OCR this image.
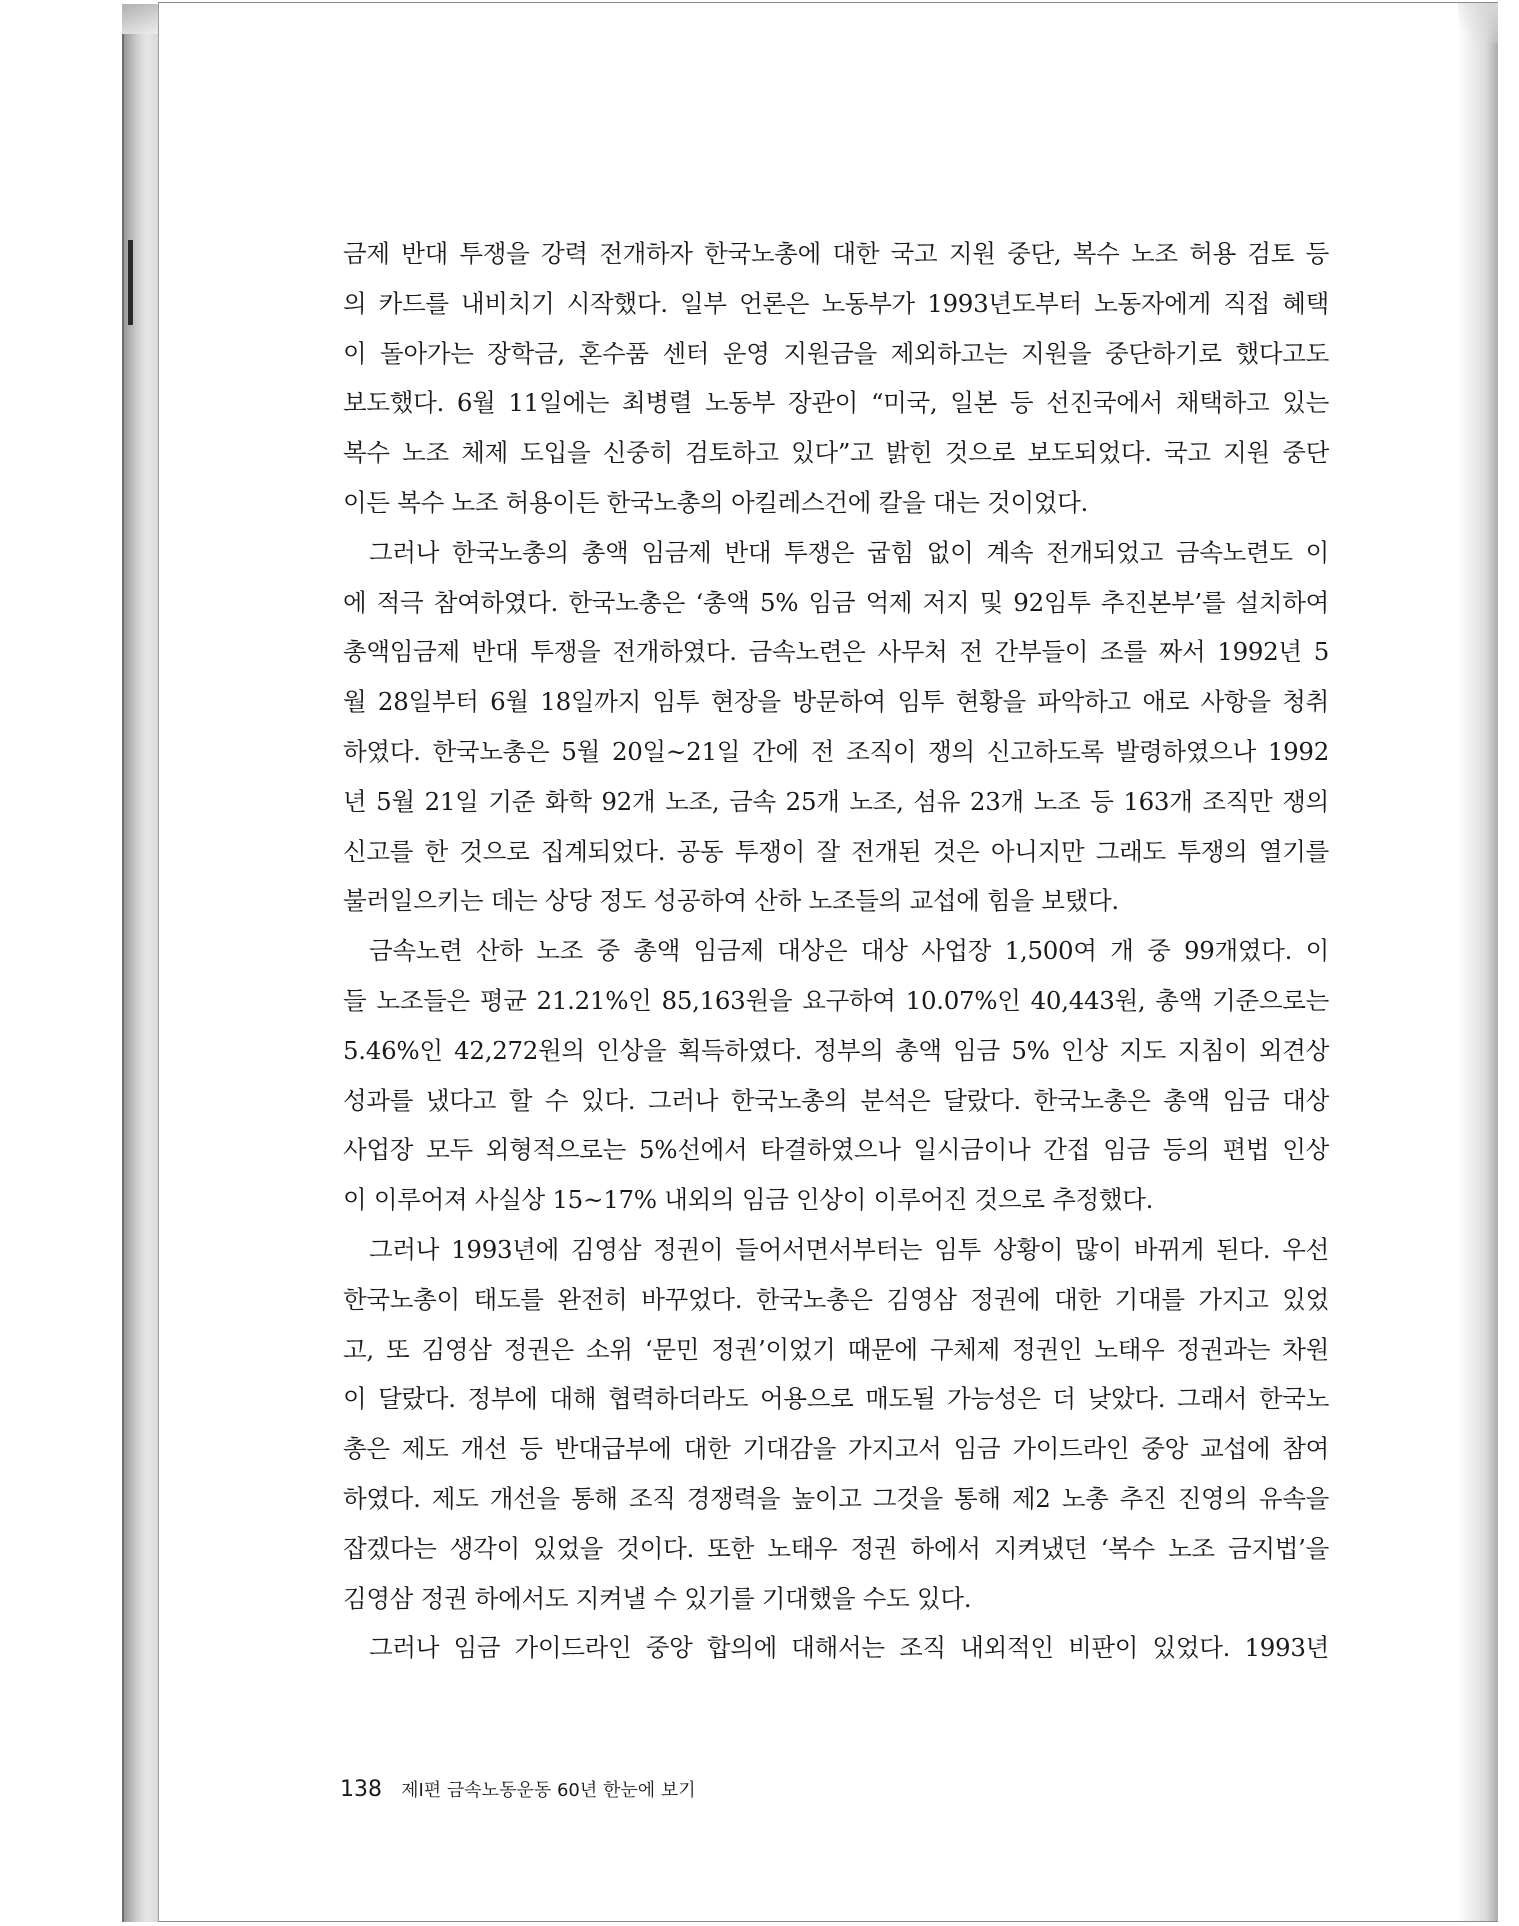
금제 반대 투쟁을 강력 전개하자 한국노총에 대한 국고 지원 중단, 복수 노조 허용 검토 등
의 카드를 내비치기 시작했다. 일부 언론은 노동부가 1993년도부터 노동자에게 직접 혜택
이 돌아가는 장학금, 혼수품 센터 운영 지원금을 제외하고는 지원을 중단하기로 했다고도
보도했다. 6월 11일에는 최병렬 노동부 장관이 “미국, 일본 등 선진국에서 채택하고 있는
복수 노조 체제 도입을 신중히 검토하고 있다”고 밝힌 것으로 보도되었다. 국고 지원 중단
이든 복수 노조 허용이든 한국노총의 아킬레스건에 칼을 대는 것이었다.
그러나 한국노총의 총액 임금제 반대 투쟁은 굽힘 없이 계속 전개되었고 금속노련도 이
에 적극 참여하였다. 한국노총은 ‘총액 5% 임금 억제 저지 및 92임투 추진본부’를 설치하여
총액임금제 반대 투쟁을 전개하였다. 금속노련은 사무처 전 간부들이 조를 짜서 1992년 5
월 28일부터 6월 18일까지 임투 현장을 방문하여 임투 현황을 파악하고 애로 사항을 청취
하였다. 한국노총은 5월 20일~21일 간에 전 조직이 쟁의 신고하도록 발령하였으나 1992
년 5월 21일 기준 화학 92개 노조, 금속 25개 노조, 섬유 23개 노조 등 163개 조직만 쟁의
신고를 한 것으로 집계되었다. 공동 투쟁이 잘 전개된 것은 아니지만 그래도 투쟁의 열기를
불러일으키는 데는 상당 정도 성공하여 산하 노조들의 교섭에 힘을 보탰다.
금속노련 산하 노조 중 총액 임금제 대상은 대상 사업장 1,500여 개 중 99개였다. 이
들 노조들은 평균 21.21%인 85,163원을 요구하여 10.07%인 40,443원, 총액 기준으로는
5.46%인 42,272원의 인상을 획득하였다. 정부의 총액 임금 5% 인상 지도 지침이 외견상
성과를 냈다고 할 수 있다. 그러나 한국노총의 분석은 달랐다. 한국노총은 총액 임금 대상
사업장 모두 외형적으로는 5%선에서 타결하였으나 일시금이나 간접 임금 등의 편법 인상
이 이루어져 사실상 15~17% 내외의 임금 인상이 이루어진 것으로 추정했다.
그러나 1993년에 김영삼 정권이 들어서면서부터는 임투 상황이 많이 바뀌게 된다. 우선
한국노총이 태도를 완전히 바꾸었다. 한국노총은 김영삼 정권에 대한 기대를 가지고 있었
고, 또 김영삼 정권은 소위 ‘문민 정권’이었기 때문에 구체제 정권인 노태우 정권과는 차원
이 달랐다. 정부에 대해 협력하더라도 어용으로 매도될 가능성은 더 낮았다. 그래서 한국노
총은 제도 개선 등 반대급부에 대한 기대감을 가지고서 임금 가이드라인 중앙 교섭에 참여
하였다. 제도 개선을 통해 조직 경쟁력을 높이고 그것을 통해 제2 노총 추진 진영의 유속을
잡겠다는 생각이 있었을 것이다. 또한 노태우 정권 하에서 지켜냈던 ‘복수 노조 금지법’을
김영삼 정권 하에서도 지켜낼 수 있기를 기대했을 수도 있다.
그러나 임금 가이드라인 중앙 합의에 대해서는 조직 내외적인 비판이 있었다. 1993년
138 제Ⅰ편 금속노동운동 60년 한눈에 보기
